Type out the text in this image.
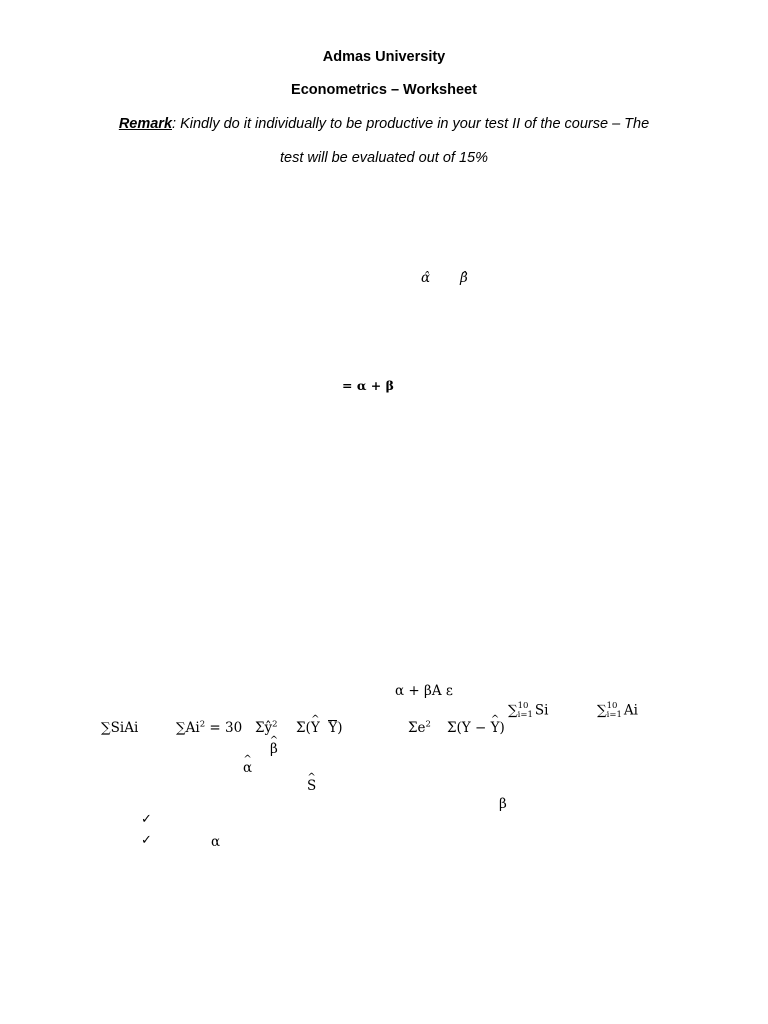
Admas University
Econometrics – Worksheet
Remark: Kindly do it individually to be productive in your test II of the course – The
test will be evaluated out of 15%
α̂ β̂
= α + β
α + βA ε
∑ 10
i=1 Si	∑ 10
i=1 Ai
∑SiAi	$\sum Ai^2 = 30$ $\Sigma ŷ^2$ Σ(^ Y Y)	$\Sigma e^2$ Σ(Y − ^ Y)
^ β
^ α
^ S
β
✓
✓	α
